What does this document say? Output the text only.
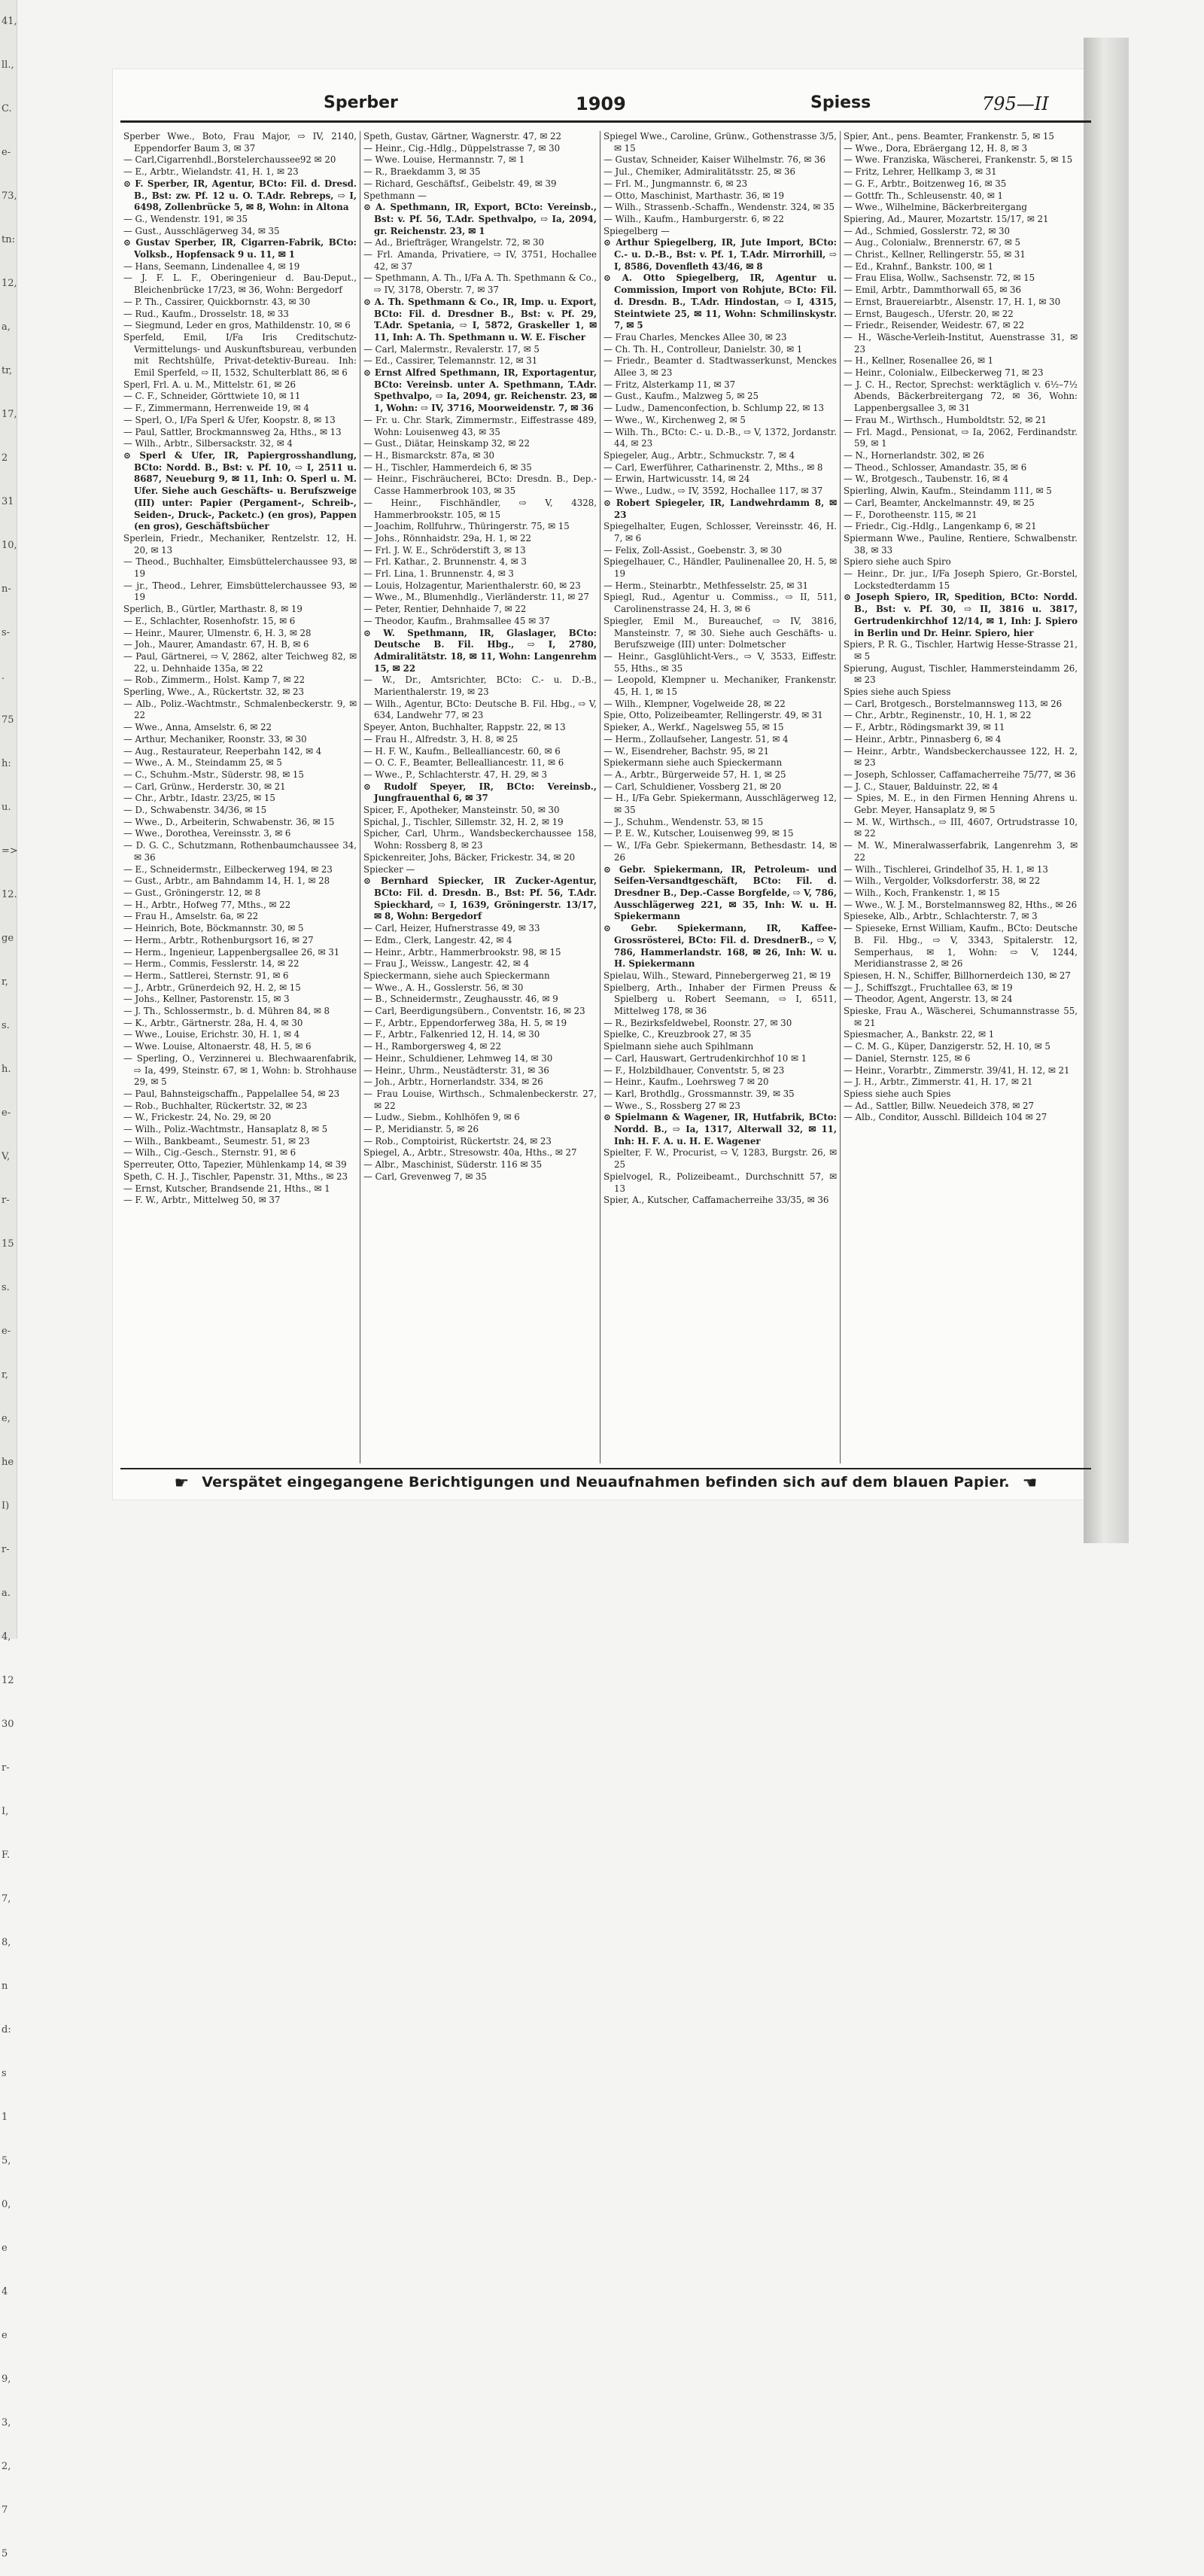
41,
ll.,
C.
e-
73,
tn:
12,
a,
tr,
17,
2
31
10,
n-
s-
.
75
h:
u.
=>
12.
ge
r,
s.
h.
e-
V,
r-
15
s.
e-
r,
e,
he
I)
r-
a.
4,
12
30
r-
I,
F.
7,
8,
n
d:
s
1
5,
0,
e
4
e
9,
3,
2,
7
5
Sperber	1909	Spiess	795—II

Sperber Wwe., Boto, Frau Major, ⇨ IV, 2140, Eppendorfer Baum 3, ✉ 37

— Carl,Cigarrenhdl.,Borstelerchaussee92 ✉ 20

— E., Arbtr., Wielandstr. 41, H. 1, ✉ 23

⊙ F. Sperber, IR, Agentur, BCto: Fil. d. Dresd. B., Bst: zw. Pf. 12 u. O. T.Adr. Rebreps, ⇨ I, 6498, Zollenbrücke 5, ✉ 8, Wohn: in Altona

— G., Wendenstr. 191, ✉ 35

— Gust., Ausschlägerweg 34, ✉ 35

⊙ Gustav Sperber, IR, Cigarren-Fabrik, BCto: Volksb., Hopfensack 9 u. 11, ✉ 1

— Hans, Seemann, Lindenallee 4, ✉ 19

— J. F. L. F., Oberingenieur d. Bau-Deput., Bleichenbrücke 17/23, ✉ 36, Wohn: Bergedorf

— P. Th., Cassirer, Quickbornstr. 43, ✉ 30

— Rud., Kaufm., Drosselstr. 18, ✉ 33

— Siegmund, Leder en gros, Mathildenstr. 10, ✉ 6

Sperfeld, Emil, I/Fa Iris Creditschutz-Vermittelungs- und Auskunftsbureau, verbunden mit Rechtshülfe, Privat-detektiv-Bureau. Inh: Emil Sperfeld, ⇨ II, 1532, Schulterblatt 86, ✉ 6

Sperl, Frl. A. u. M., Mittelstr. 61, ✉ 26

— C. F., Schneider, Görttwiete 10, ✉ 11

— F., Zimmermann, Herrenweide 19, ✉ 4

— Sperl, O., I/Fa Sperl & Ufer, Koopstr. 8, ✉ 13

— Paul, Sattler, Brockmannsweg 2a, Hths., ✉ 13

— Wilh., Arbtr., Silbersackstr. 32, ✉ 4

⊙ Sperl & Ufer, IR, Papiergrosshandlung, BCto: Nordd. B., Bst: v. Pf. 10, ⇨ I, 2511 u. 8687, Neueburg 9, ✉ 11, Inh: O. Sperl u. M. Ufer. Siehe auch Geschäfts- u. Berufszweige (III) unter: Papier (Pergament-, Schreib-, Seiden-, Druck-, Packetc.) (en gros), Pappen (en gros), Geschäftsbücher

Sperlein, Friedr., Mechaniker, Rentzelstr. 12, H. 20, ✉ 13

— Theod., Buchhalter, Eimsbüttelerchaussee 93, ✉ 19

— jr., Theod., Lehrer, Eimsbüttelerchaussee 93, ✉ 19

Sperlich, B., Gürtler, Marthastr. 8, ✉ 19

— E., Schlachter, Rosenhofstr. 15, ✉ 6

— Heinr., Maurer, Ulmenstr. 6, H. 3, ✉ 28

— Joh., Maurer, Amandastr. 67, H. B, ✉ 6

— Paul, Gärtnerei, ⇨ V, 2862, alter Teichweg 82, ✉ 22, u. Dehnhaide 135a, ✉ 22

— Rob., Zimmerm., Holst. Kamp 7, ✉ 22

Sperling, Wwe., A., Rückertstr. 32, ✉ 23

— Alb., Poliz.-Wachtmstr., Schmalenbeckerstr. 9, ✉ 22

— Wwe., Anna, Amselstr. 6, ✉ 22

— Arthur, Mechaniker, Roonstr. 33, ✉ 30

— Aug., Restaurateur, Reeperbahn 142, ✉ 4

— Wwe., A. M., Steindamm 25, ✉ 5

— C., Schuhm.-Mstr., Süderstr. 98, ✉ 15

— Carl, Grünw., Herderstr. 30, ✉ 21

— Chr., Arbtr., Idastr. 23/25, ✉ 15

— D., Schwabenstr. 34/36, ✉ 15

— Wwe., D., Arbeiterin, Schwabenstr. 36, ✉ 15

— Wwe., Dorothea, Vereinsstr. 3, ✉ 6

— D. G. C., Schutzmann, Rothenbaumchaussee 34, ✉ 36

— E., Schneidermstr., Eilbeckerweg 194, ✉ 23

— Gust., Arbtr., am Bahndamm 14, H. 1, ✉ 28

— Gust., Gröningerstr. 12, ✉ 8

— H., Arbtr., Hofweg 77, Mths., ✉ 22

— Frau H., Amselstr. 6a, ✉ 22

— Heinrich, Bote, Böckmannstr. 30, ✉ 5

— Herm., Arbtr., Rothenburgsort 16, ✉ 27

— Herm., Ingenieur, Lappenbergsallee 26, ✉ 31

— Herm., Commis, Fesslerstr. 14, ✉ 22

— Herm., Sattlerei, Sternstr. 91, ✉ 6

— J., Arbtr., Grünerdeich 92, H. 2, ✉ 15

— Johs., Kellner, Pastorenstr. 15, ✉ 3

— J. Th., Schlossermstr., b. d. Mühren 84, ✉ 8

— K., Arbtr., Gärtnerstr. 28a, H. 4, ✉ 30

— Wwe., Louise, Erichstr. 30, H. 1, ✉ 4

— Wwe. Louise, Altonaerstr. 48, H. 5, ✉ 6

— Sperling, O., Verzinnerei u. Blechwaarenfabrik, ⇨ Ia, 499, Steinstr. 67, ✉ 1, Wohn: b. Strohhause 29, ✉ 5

— Paul, Bahnsteigschaffn., Pappelallee 54, ✉ 23

— Rob., Buchhalter, Rückertstr. 32, ✉ 23

— W., Frickestr. 24, No. 29, ✉ 20

— Wilh., Poliz.-Wachtmstr., Hansaplatz 8, ✉ 5

— Wilh., Bankbeamt., Seumestr. 51, ✉ 23

— Wilh., Cig.-Gesch., Sternstr. 91, ✉ 6

Sperreuter, Otto, Tapezier, Mühlenkamp 14, ✉ 39

Speth, C. H. J., Tischler, Papenstr. 31, Mths., ✉ 23

— Ernst, Kutscher, Brandsende 21, Hths., ✉ 1

— F. W., Arbtr., Mittelweg 50, ✉ 37

Speth, Gustav, Gärtner, Wagnerstr. 47, ✉ 22

— Heinr., Cig.-Hdlg., Düppelstrasse 7, ✉ 30

— Wwe. Louise, Hermannstr. 7, ✉ 1

— R., Braekdamm 3, ✉ 35

— Richard, Geschäftsf., Geibelstr. 49, ✉ 39

Spethmann —

⊙ A. Spethmann, IR, Export, BCto: Vereinsb., Bst: v. Pf. 56, T.Adr. Spethvalpo, ⇨ Ia, 2094, gr. Reichenstr. 23, ✉ 1

— Ad., Briefträger, Wrangelstr. 72, ✉ 30

— Frl. Amanda, Privatiere, ⇨ IV, 3751, Hochallee 42, ✉ 37

— Spethmann, A. Th., I/Fa A. Th. Spethmann & Co., ⇨ IV, 3178, Oberstr. 7, ✉ 37

⊙ A. Th. Spethmann & Co., IR, Imp. u. Export, BCto: Fil. d. Dresdner B., Bst: v. Pf. 29, T.Adr. Spetania, ⇨ I, 5872, Graskeller 1, ✉ 11, Inh: A. Th. Spethmann u. W. E. Fischer

— Carl, Malermstr., Revalerstr. 17, ✉ 5

— Ed., Cassirer, Telemannstr. 12, ✉ 31

⊙ Ernst Alfred Spethmann, IR, Exportagentur, BCto: Vereinsb. unter A. Spethmann, T.Adr. Spethvalpo, ⇨ Ia, 2094, gr. Reichenstr. 23, ✉ 1, Wohn: ⇨ IV, 3716, Moorweidenstr. 7, ✉ 36

— Fr. u. Chr. Stark, Zimmermstr., Eiffestrasse 489, Wohn: Louisenweg 43, ✉ 35

— Gust., Diätar, Heinskamp 32, ✉ 22

— H., Bismarckstr. 87a, ✉ 30

— H., Tischler, Hammerdeich 6, ✉ 35

— Heinr., Fischräucherei, BCto: Dresdn. B., Dep.-Casse Hammerbrook 103, ✉ 35

— Heinr., Fischhändler, ⇨ V, 4328, Hammerbrookstr. 105, ✉ 15

— Joachim, Rollfuhrw., Thüringerstr. 75, ✉ 15

— Johs., Rönnhaidstr. 29a, H. 1, ✉ 22

— Frl. J. W. E., Schröderstift 3, ✉ 13

— Frl. Kathar., 2. Brunnenstr. 4, ✉ 3

— Frl. Lina, 1. Brunnenstr. 4, ✉ 3

— Louis, Holzagentur, Marienthalerstr. 60, ✉ 23

— Wwe., M., Blumenhdlg., Vierländerstr. 11, ✉ 27

— Peter, Rentier, Dehnhaide 7, ✉ 22

— Theodor, Kaufm., Brahmsallee 45 ✉ 37

⊙ W. Spethmann, IR, Glaslager, BCto: Deutsche B. Fil. Hbg., ⇨ I, 2780, Admiralitätstr. 18, ✉ 11, Wohn: Langenrehm 15, ✉ 22

— W., Dr., Amtsrichter, BCto: C.- u. D.-B., Marienthalerstr. 19, ✉ 23

— Wilh., Agentur, BCto: Deutsche B. Fil. Hbg., ⇨ V, 634, Landwehr 77, ✉ 23

Speyer, Anton, Buchhalter, Rappstr. 22, ✉ 13

— Frau H., Alfredstr. 3, H. 8, ✉ 25

— H. F. W., Kaufm., Bellealliancestr. 60, ✉ 6

— O. C. F., Beamter, Bellealliancestr. 11, ✉ 6

— Wwe., P., Schlachterstr. 47, H. 29, ✉ 3

⊙ Rudolf Speyer, IR, BCto: Vereinsb., Jungfrauenthal 6, ✉ 37

Spicer, F., Apotheker, Mansteinstr. 50, ✉ 30

Spichal, J., Tischler, Sillemstr. 32, H. 2, ✉ 19

Spicher, Carl, Uhrm., Wandsbeckerchaussee 158, Wohn: Rossberg 8, ✉ 23

Spickenreiter, Johs, Bäcker, Frickestr. 34, ✉ 20

Spiecker —

⊙ Bernhard Spiecker, IR Zucker-Agentur, BCto: Fil. d. Dresdn. B., Bst: Pf. 56, T.Adr. Spieckhard, ⇨ I, 1639, Gröningerstr. 13/17, ✉ 8, Wohn: Bergedorf

— Carl, Heizer, Hufnerstrasse 49, ✉ 33

— Edm., Clerk, Langestr. 42, ✉ 4

— Heinr., Arbtr., Hammerbrookstr. 98, ✉ 15

— Frau J., Weissw., Langestr. 42, ✉ 4

Spieckermann, siehe auch Spieckermann

— Wwe., A. H., Gosslerstr. 56, ✉ 30

— B., Schneidermstr., Zeughausstr. 46, ✉ 9

— Carl, Beerdigungsübern., Conventstr. 16, ✉ 23

— F., Arbtr., Eppendorferweg 38a, H. 5, ✉ 19

— F., Arbtr., Falkenried 12, H. 14, ✉ 30

— H., Ramborgersweg 4, ✉ 22

— Heinr., Schuldiener, Lehmweg 14, ✉ 30

— Heinr., Uhrm., Neustädterstr. 31, ✉ 36

— Joh., Arbtr., Hornerlandstr. 334, ✉ 26

— Frau Louise, Wirthsch., Schmalenbeckerstr. 27, ✉ 22

— Ludw., Siebm., Kohlhöfen 9, ✉ 6

— P., Meridianstr. 5, ✉ 26

— Rob., Comptoirist, Rückertstr. 24, ✉ 23

Spiegel, A., Arbtr., Stresowstr. 40a, Hths., ✉ 27

— Albr., Maschinist, Süderstr. 116 ✉ 35

— Carl, Grevenweg 7, ✉ 35

Spiegel Wwe., Caroline, Grünw., Gothenstrasse 3/5, ✉ 15

— Gustav, Schneider, Kaiser Wilhelmstr. 76, ✉ 36

— Jul., Chemiker, Admiralitätsstr. 25, ✉ 36

— Frl. M., Jungmannstr. 6, ✉ 23

— Otto, Maschinist, Marthastr. 36, ✉ 19

— Wilh., Strassenb.-Schaffn., Wendenstr. 324, ✉ 35

— Wilh., Kaufm., Hamburgerstr. 6, ✉ 22

Spiegelberg —

⊙ Arthur Spiegelberg, IR, Jute Import, BCto: C.- u. D.-B., Bst: v. Pf. 1, T.Adr. Mirrorhill, ⇨ I, 8586, Dovenfleth 43/46, ✉ 8

⊙ A. Otto Spiegelberg, IR, Agentur u. Commission, Import von Rohjute, BCto: Fil. d. Dresdn. B., T.Adr. Hindostan, ⇨ I, 4315, Steintwiete 25, ✉ 11, Wohn: Schmilinskystr. 7, ✉ 5

— Frau Charles, Menckes Allee 30, ✉ 23

— Ch. Th. H., Controlleur, Danielstr. 30, ✉ 1

— Friedr., Beamter d. Stadtwasserkunst, Menckes Allee 3, ✉ 23

— Fritz, Alsterkamp 11, ✉ 37

— Gust., Kaufm., Malzweg 5, ✉ 25

— Ludw., Damenconfection, b. Schlump 22, ✉ 13

— Wwe., W., Kirchenweg 2, ✉ 5

— Wilh. Th., BCto: C.- u. D.-B., ⇨ V, 1372, Jordanstr. 44, ✉ 23

Spiegeler, Aug., Arbtr., Schmuckstr. 7, ✉ 4

— Carl, Ewerführer, Catharinenstr. 2, Mths., ✉ 8

— Erwin, Hartwicusstr. 14, ✉ 24

— Wwe., Ludw., ⇨ IV, 3592, Hochallee 117, ✉ 37

⊙ Robert Spiegeler, IR, Landwehrdamm 8, ✉ 23

Spiegelhalter, Eugen, Schlosser, Vereinsstr. 46, H. 7, ✉ 6

— Felix, Zoll-Assist., Goebenstr. 3, ✉ 30

Spiegelhauer, C., Händler, Paulinenallee 20, H. 5, ✉ 19

— Herm., Steinarbtr., Methfesselstr. 25, ✉ 31

Spiegl, Rud., Agentur u. Commiss., ⇨ II, 511, Carolinenstrasse 24, H. 3, ✉ 6

Spiegler, Emil M., Bureauchef, ⇨ IV, 3816, Mansteinstr. 7, ✉ 30. Siehe auch Geschäfts- u. Berufszweige (III) unter: Dolmetscher

— Heinr., Gasglühlicht-Vers., ⇨ V, 3533, Eiffestr. 55, Hths., ✉ 35

— Leopold, Klempner u. Mechaniker, Frankenstr. 45, H. 1, ✉ 15

— Wilh., Klempner, Vogelweide 28, ✉ 22

Spie, Otto, Polizeibeamter, Rellingerstr. 49, ✉ 31

Spieker, A., Werkf., Nagelsweg 55, ✉ 15

— Herm., Zollaufseher, Langestr. 51, ✉ 4

— W., Eisendreher, Bachstr. 95, ✉ 21

Spiekermann siehe auch Spieckermann

— A., Arbtr., Bürgerweide 57, H. 1, ✉ 25

— Carl, Schuldiener, Vossberg 21, ✉ 20

— H., I/Fa Gebr. Spiekermann, Ausschlägerweg 12, ✉ 35

— J., Schuhm., Wendenstr. 53, ✉ 15

— P. E. W., Kutscher, Louisenweg 99, ✉ 15

— W., I/Fa Gebr. Spiekermann, Bethesdastr. 14, ✉ 26

⊙ Gebr. Spiekermann, IR, Petroleum- und Seifen-Versandtgeschäft, BCto: Fil. d. Dresdner B., Dep.-Casse Borgfelde, ⇨ V, 786, Ausschlägerweg 221, ✉ 35, Inh: W. u. H. Spiekermann

⊙ Gebr. Spiekermann, IR, Kaffee-Grossrösterei, BCto: Fil. d. DresdnerB., ⇨ V, 786, Hammerlandstr. 168, ✉ 26, Inh: W. u. H. Spiekermann

Spielau, Wilh., Steward, Pinnebergerweg 21, ✉ 19

Spielberg, Arth., Inhaber der Firmen Preuss & Spielberg u. Robert Seemann, ⇨ I, 6511, Mittelweg 178, ✉ 36

— R., Bezirksfeldwebel, Roonstr. 27, ✉ 30

Spielke, C., Kreuzbrook 27, ✉ 35

Spielmann siehe auch Spihlmann

— Carl, Hauswart, Gertrudenkirchhof 10 ✉ 1

— F., Holzbildhauer, Conventstr. 5, ✉ 23

— Heinr., Kaufm., Loehrsweg 7 ✉ 20

— Karl, Brothdlg., Grossmannstr. 39, ✉ 35

— Wwe., S., Rossberg 27 ✉ 23

⊙ Spielmann & Wagener, IR, Hutfabrik, BCto: Nordd. B., ⇨ Ia, 1317, Alterwall 32, ✉ 11, Inh: H. F. A. u. H. E. Wagener

Spielter, F. W., Procurist, ⇨ V, 1283, Burgstr. 26, ✉ 25

Spielvogel, R., Polizeibeamt., Durchschnitt 57, ✉ 13

Spier, A., Kutscher, Caffamacherreihe 33/35, ✉ 36

Spier, Ant., pens. Beamter, Frankenstr. 5, ✉ 15

— Wwe., Dora, Ebräergang 12, H. 8, ✉ 3

— Wwe. Franziska, Wäscherei, Frankenstr. 5, ✉ 15

— Fritz, Lehrer, Hellkamp 3, ✉ 31

— G. F., Arbtr., Boitzenweg 16, ✉ 35

— Gottfr. Th., Schleusenstr. 40, ✉ 1

— Wwe., Wilhelmine, Bäckerbreitergang

Spiering, Ad., Maurer, Mozartstr. 15/17, ✉ 21

— Ad., Schmied, Gosslerstr. 72, ✉ 30

— Aug., Colonialw., Brennerstr. 67, ✉ 5

— Christ., Kellner, Rellingerstr. 55, ✉ 31

— Ed., Krahnf., Bankstr. 100, ✉ 1

— Frau Elisa, Wollw., Sachsenstr. 72, ✉ 15

— Emil, Arbtr., Dammthorwall 65, ✉ 36

— Ernst, Brauereiarbtr., Alsenstr. 17, H. 1, ✉ 30

— Ernst, Baugesch., Uferstr. 20, ✉ 22

— Friedr., Reisender, Weidestr. 67, ✉ 22

— H., Wäsche-Verleih-Institut, Auenstrasse 31, ✉ 23

— H., Kellner, Rosenallee 26, ✉ 1

— Heinr., Colonialw., Eilbeckerweg 71, ✉ 23

— J. C. H., Rector, Sprechst: werktäglich v. 6½–7½ Abends, Bäckerbreitergang 72, ✉ 36, Wohn: Lappenbergsallee 3, ✉ 31

— Frau M., Wirthsch., Humboldtstr. 52, ✉ 21

— Frl. Magd., Pensionat, ⇨ Ia, 2062, Ferdinandstr. 59, ✉ 1

— N., Hornerlandstr. 302, ✉ 26

— Theod., Schlosser, Amandastr. 35, ✉ 6

— W., Brotgesch., Taubenstr. 16, ✉ 4

Spierling, Alwin, Kaufm., Steindamm 111, ✉ 5

— Carl, Beamter, Anckelmannstr. 49, ✉ 25

— F., Dorotheenstr. 115, ✉ 21

— Friedr., Cig.-Hdlg., Langenkamp 6, ✉ 21

Spiermann Wwe., Pauline, Rentiere, Schwalbenstr. 38, ✉ 33

Spiero siehe auch Spiro

— Heinr., Dr. jur., I/Fa Joseph Spiero, Gr.-Borstel, Lockstedterdamm 15

⊙ Joseph Spiero, IR, Spedition, BCto: Nordd. B., Bst: v. Pf. 30, ⇨ II, 3816 u. 3817, Gertrudenkirchhof 12/14, ✉ 1, Inh: J. Spiero in Berlin und Dr. Heinr. Spiero, hier

Spiers, P. R. G., Tischler, Hartwig Hesse-Strasse 21, ✉ 5

Spierung, August, Tischler, Hammersteindamm 26, ✉ 23

Spies siehe auch Spiess

— Carl, Brotgesch., Borstelmannsweg 113, ✉ 26

— Chr., Arbtr., Reginenstr., 10, H. 1, ✉ 22

— F., Arbtr., Rödingsmarkt 39, ✉ 11

— Heinr., Arbtr., Pinnasberg 6, ✉ 4

— Heinr., Arbtr., Wandsbeckerchaussee 122, H. 2, ✉ 23

— Joseph, Schlosser, Caffamacherreihe 75/77, ✉ 36

— J. C., Stauer, Balduinstr. 22, ✉ 4

— Spies, M. E., in den Firmen Henning Ahrens u. Gebr. Meyer, Hansaplatz 9, ✉ 5

— M. W., Wirthsch., ⇨ III, 4607, Ortrudstrasse 10, ✉ 22

— M. W., Mineralwasserfabrik, Langenrehm 3, ✉ 22

— Wilh., Tischlerei, Grindelhof 35, H. 1, ✉ 13

— Wilh., Vergolder, Volksdorferstr. 38, ✉ 22

— Wilh., Koch, Frankenstr. 1, ✉ 15

— Wwe., W. J. M., Borstelmannsweg 82, Hths., ✉ 26

Spieseke, Alb., Arbtr., Schlachterstr. 7, ✉ 3

— Spieseke, Ernst William, Kaufm., BCto: Deutsche B. Fil. Hbg., ⇨ V, 3343, Spitalerstr. 12, Semperhaus, ✉ 1, Wohn: ⇨ V, 1244, Meridianstrasse 2, ✉ 26

Spiesen, H. N., Schiffer, Billhornerdeich 130, ✉ 27

— J., Schiffszgt., Fruchtallee 63, ✉ 19

— Theodor, Agent, Angerstr. 13, ✉ 24

Spieske, Frau A., Wäscherei, Schumannstrasse 55, ✉ 21

Spiesmacher, A., Bankstr. 22, ✉ 1

— C. M. G., Küper, Danzigerstr. 52, H. 10, ✉ 5

— Daniel, Sternstr. 125, ✉ 6

— Heinr., Vorarbtr., Zimmerstr. 39/41, H. 12, ✉ 21

— J. H., Arbtr., Zimmerstr. 41, H. 17, ✉ 21

Spiess siehe auch Spies

— Ad., Sattler, Billw. Neuedeich 378, ✉ 27

— Alb., Conditor, Ausschl. Billdeich 104 ✉ 27

☛ Verspätet eingegangene Berichtigungen und Neuaufnahmen befinden sich auf dem blauen Papier. ☚
